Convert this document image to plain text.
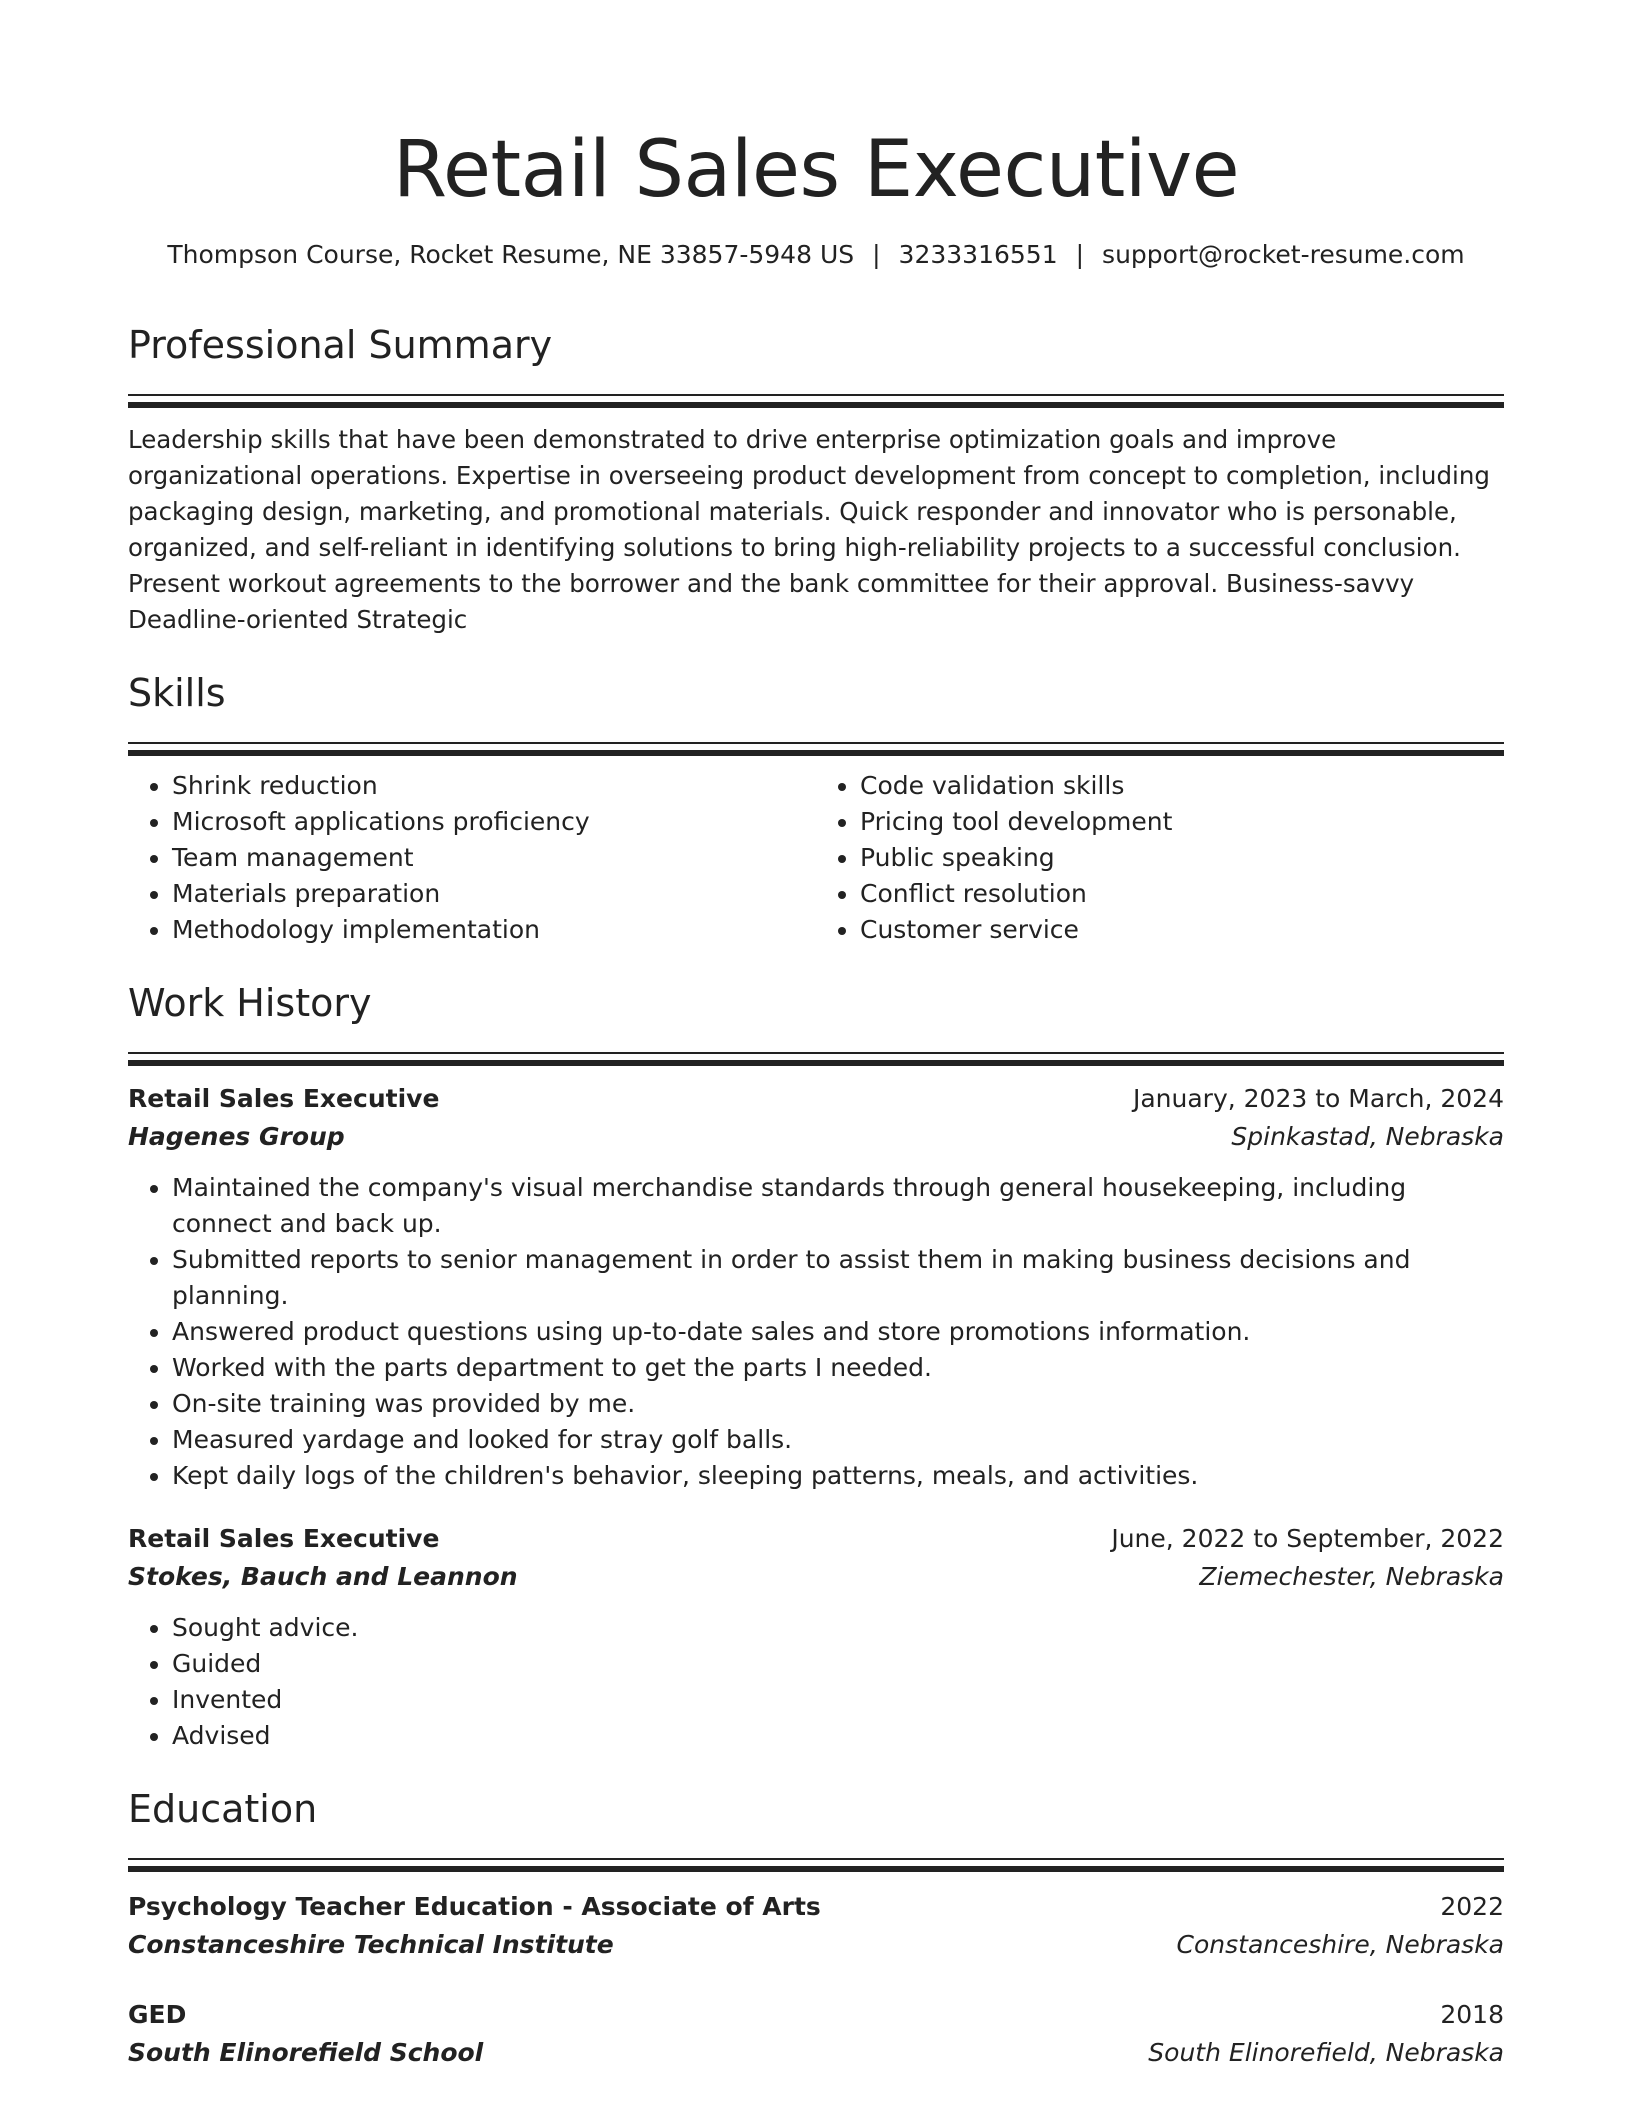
Retail Sales Executive
Thompson Course, Rocket Resume, NE 33857-5948 US | 3233316551 | support@rocket-resume.com
Professional Summary
Leadership skills that have been demonstrated to drive enterprise optimization goals and improve organizational operations. Expertise in overseeing product development from concept to completion, including packaging design, marketing, and promotional materials. Quick responder and innovator who is personable, organized, and self-reliant in identifying solutions to bring high-reliability projects to a successful conclusion. Present workout agreements to the borrower and the bank committee for their approval. Business-savvy Deadline-oriented Strategic
Skills
• Shrink reduction
• Microsoft applications proficiency
• Team management
• Materials preparation
• Methodology implementation
• Code validation skills
• Pricing tool development
• Public speaking
• Conflict resolution
• Customer service
Work History
Retail Sales Executive	January, 2023 to March, 2024
Hagenes Group	Spinkastad, Nebraska
• Maintained the company's visual merchandise standards through general housekeeping, including connect and back up.
• Submitted reports to senior management in order to assist them in making business decisions and planning.
• Answered product questions using up-to-date sales and store promotions information.
• Worked with the parts department to get the parts I needed.
• On-site training was provided by me.
• Measured yardage and looked for stray golf balls.
• Kept daily logs of the children's behavior, sleeping patterns, meals, and activities.
Retail Sales Executive	June, 2022 to September, 2022
Stokes, Bauch and Leannon	Ziemechester, Nebraska
• Sought advice.
• Guided
• Invented
• Advised
Education
Psychology Teacher Education - Associate of Arts	2022
Constanceshire Technical Institute	Constanceshire, Nebraska
GED	2018
South Elinorefield School	South Elinorefield, Nebraska
